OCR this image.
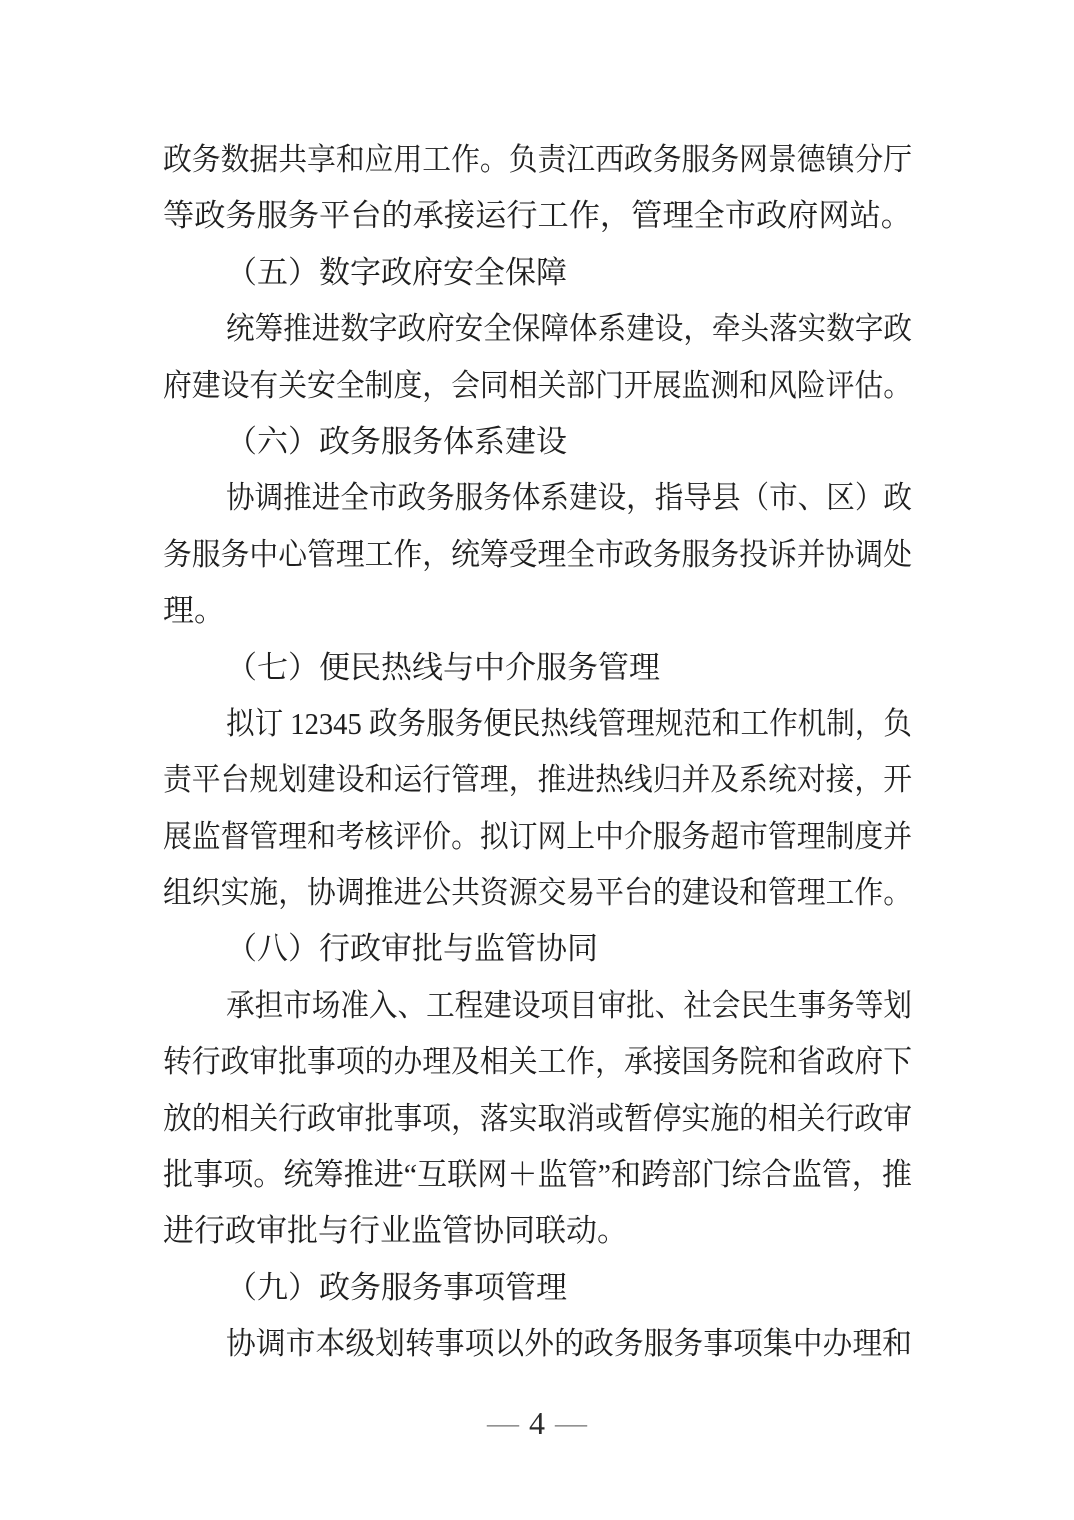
政务数据共享和应用工作。负责江西政务服务网景德镇分厅
等政务服务平台的承接运行工作，管理全市政府网站。
（五）数字政府安全保障
统筹推进数字政府安全保障体系建设，牵头落实数字政
府建设有关安全制度，会同相关部门开展监测和风险评估。
（六）政务服务体系建设
协调推进全市政务服务体系建设，指导县（市、区）政
务服务中心管理工作，统筹受理全市政务服务投诉并协调处
理。
（七）便民热线与中介服务管理
拟订 12345 政务服务便民热线管理规范和工作机制，负
责平台规划建设和运行管理，推进热线归并及系统对接，开
展监督管理和考核评价。拟订网上中介服务超市管理制度并
组织实施，协调推进公共资源交易平台的建设和管理工作。
（八）行政审批与监管协同
承担市场准入、工程建设项目审批、社会民生事务等划
转行政审批事项的办理及相关工作，承接国务院和省政府下
放的相关行政审批事项，落实取消或暂停实施的相关行政审
批事项。统筹推进“互联网＋监管”和跨部门综合监管，推
进行政审批与行业监管协同联动。
（九）政务服务事项管理
协调市本级划转事项以外的政务服务事项集中办理和
— 4 —
